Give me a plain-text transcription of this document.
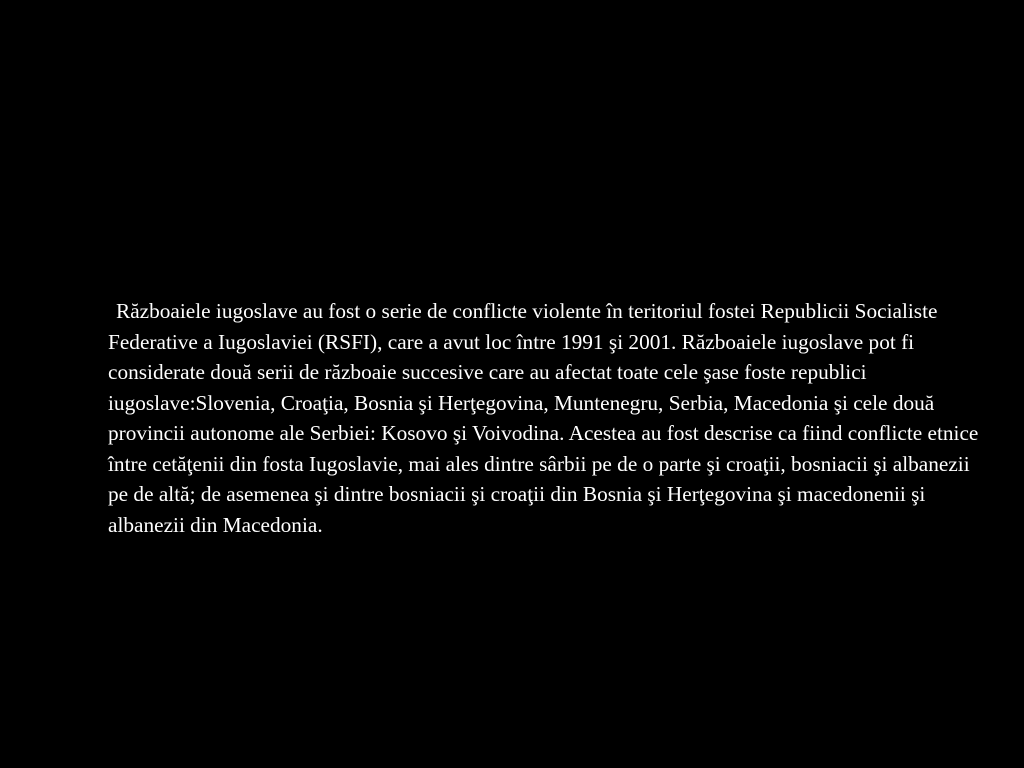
Războaiele iugoslave au fost o serie de conflicte violente în teritoriul fostei Republicii Socialiste Federative a Iugoslaviei (RSFI), care a avut loc între 1991 şi 2001. Războaiele iugoslave pot fi considerate două serii de războaie succesive care au afectat toate cele şase foste republici iugoslave:Slovenia, Croaţia, Bosnia şi Herţegovina, Muntenegru, Serbia, Macedonia şi cele două provincii autonome ale Serbiei: Kosovo şi Voivodina. Acestea au fost descrise ca fiind conflicte etnice între cetăţenii din fosta Iugoslavie, mai ales dintre sârbii pe de o parte şi croaţii, bosniacii şi albanezii pe de altă; de asemenea şi dintre bosniacii şi croaţii din Bosnia şi Herţegovina şi macedonenii şi albanezii din Macedonia.
